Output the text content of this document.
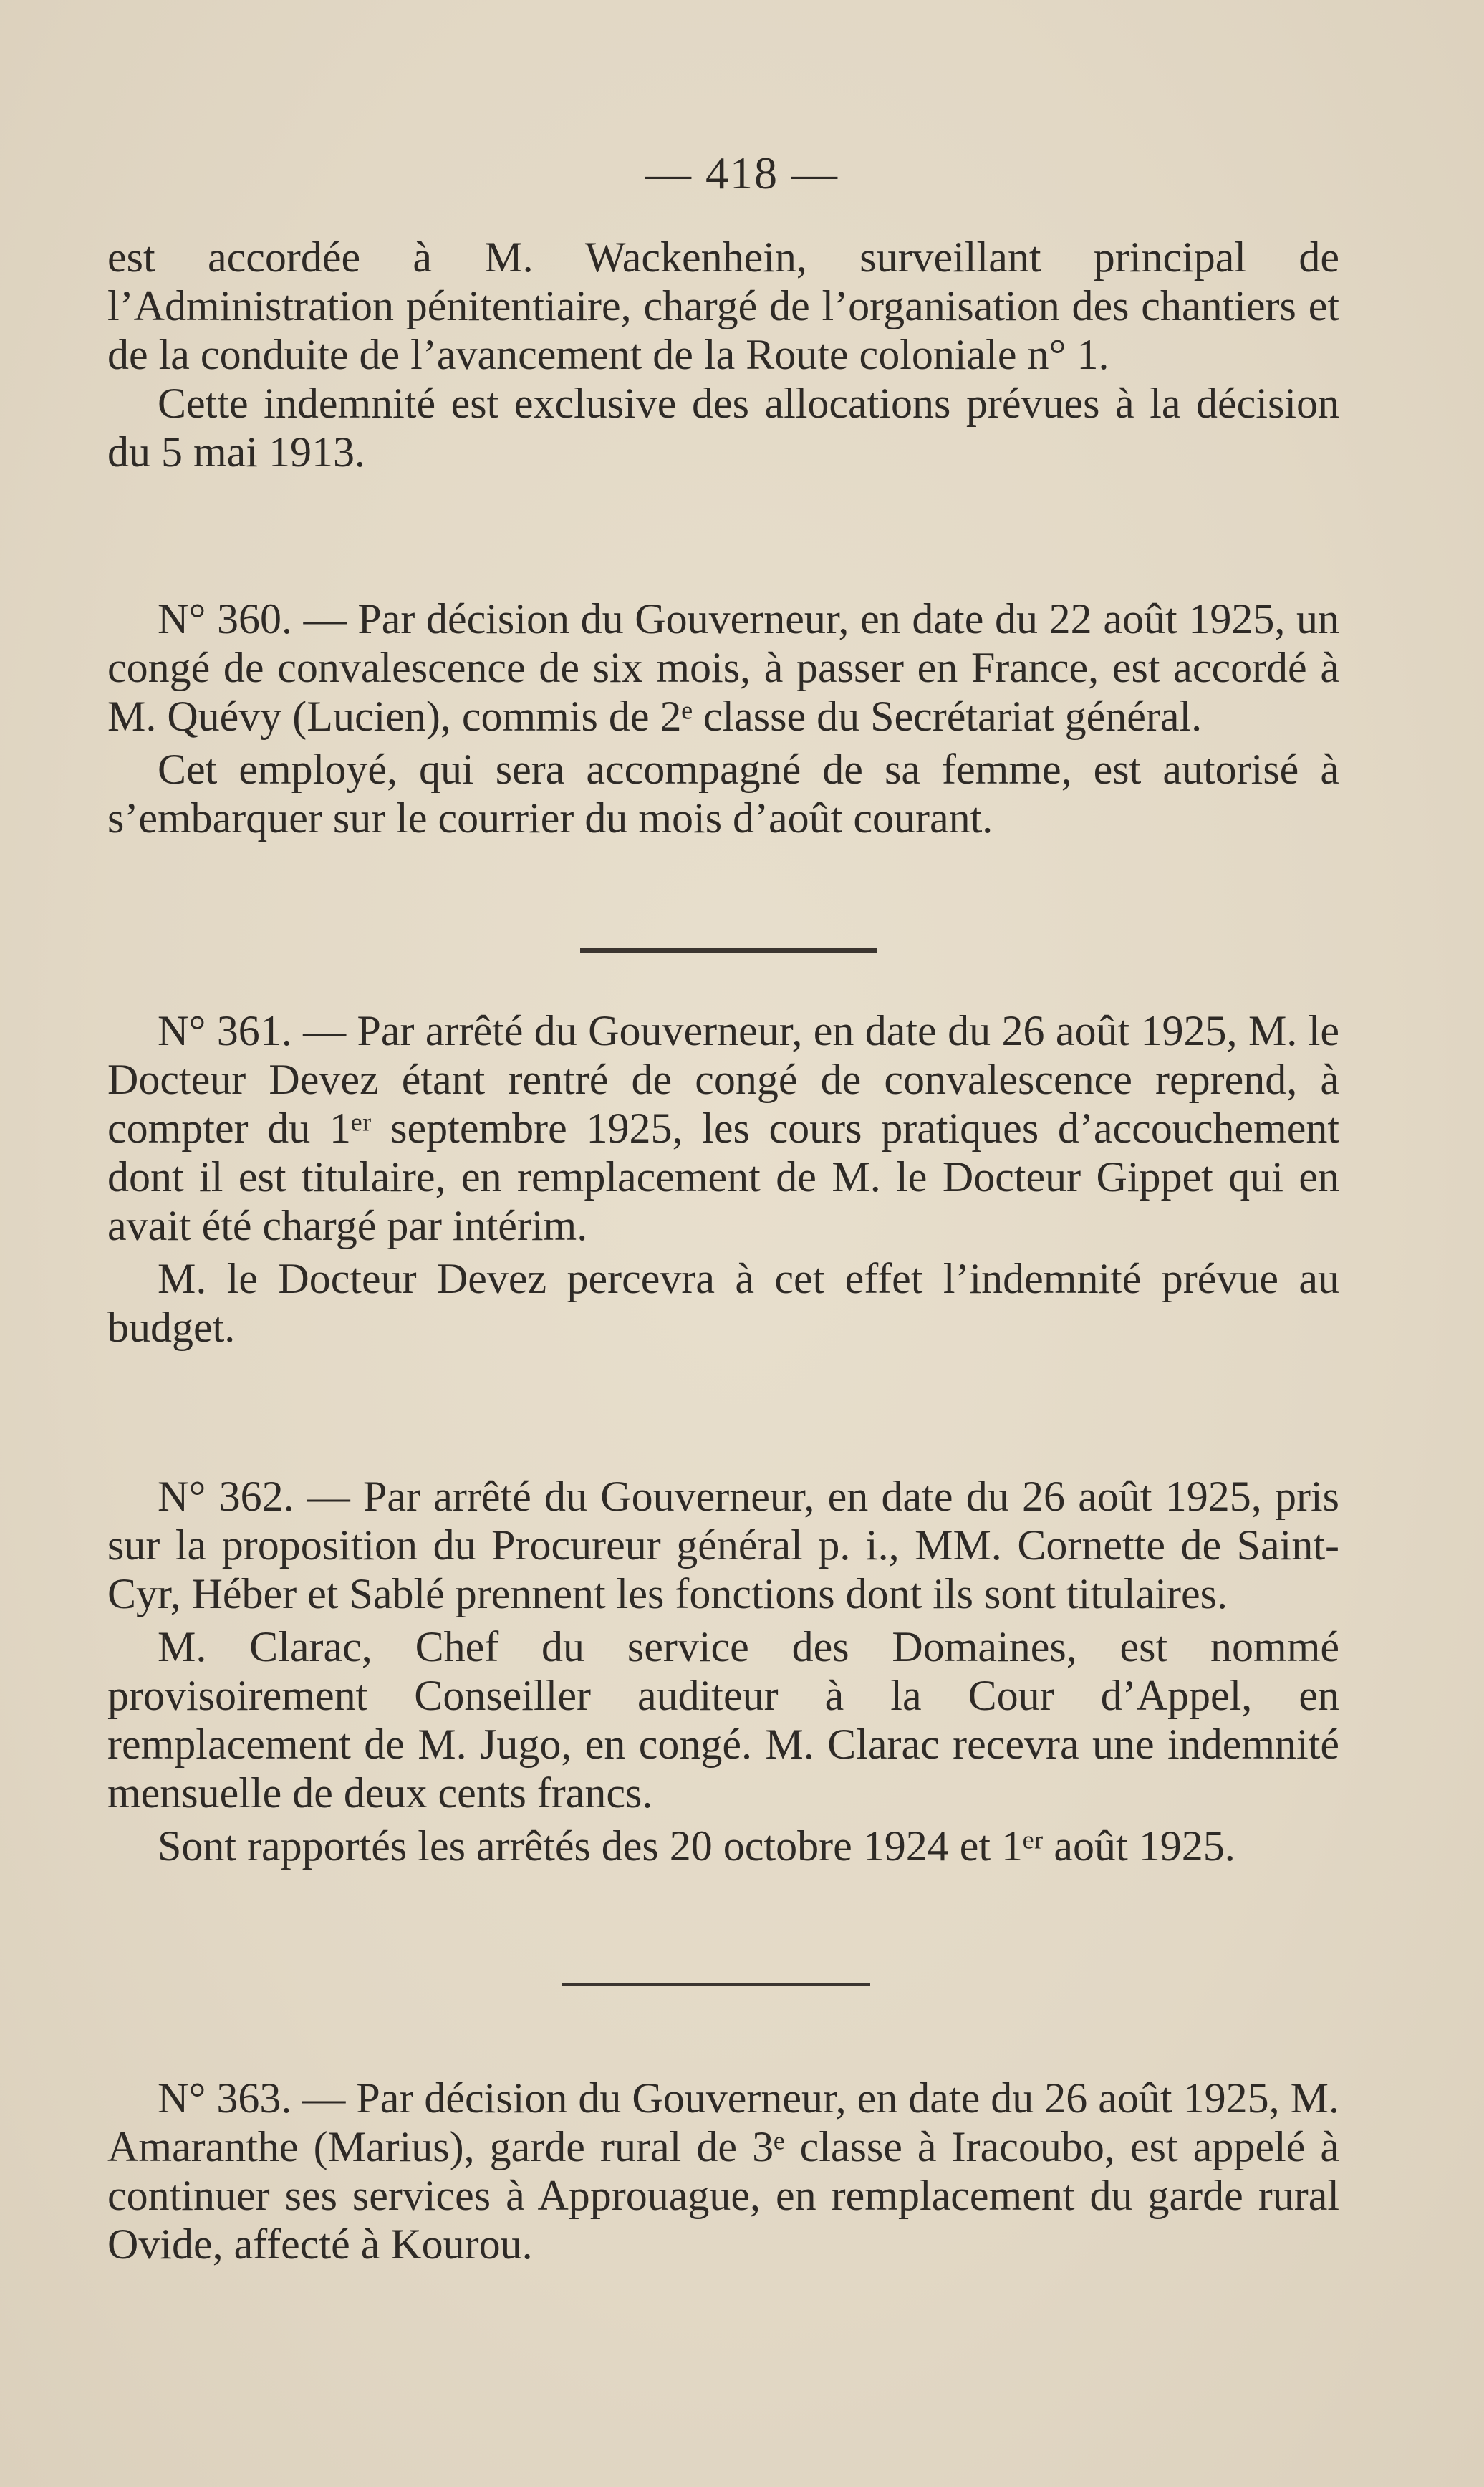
— 418 —

est accordée à M. Wackenhein, surveillant principal de l’Administration pénitentiaire, chargé de l’organisation des chantiers et de la conduite de l’avancement de la Route coloniale n° 1.

Cette indemnité est exclusive des allocations prévues à la décision du 5 mai 1913.

N° 360. — Par décision du Gouverneur, en date du 22 août 1925, un congé de convalescence de six mois, à passer en France, est accordé à M. Quévy (Lucien), commis de 2ᵉ classe du Secrétariat général.

Cet employé, qui sera accompagné de sa femme, est autorisé à s’embarquer sur le courrier du mois d’août courant.

N° 361. — Par arrêté du Gouverneur, en date du 26 août 1925, M. le Docteur Devez étant rentré de congé de convalescence reprend, à compter du 1ᵉʳ septembre 1925, les cours pratiques d’accouchement dont il est titulaire, en remplacement de M. le Docteur Gippet qui en avait été chargé par intérim.

M. le Docteur Devez percevra à cet effet l’indemnité prévue au budget.

N° 362. — Par arrêté du Gouverneur, en date du 26 août 1925, pris sur la proposition du Procureur général p. i., MM. Cornette de Saint-Cyr, Héber et Sablé prennent les fonctions dont ils sont titulaires.

M. Clarac, Chef du service des Domaines, est nommé provisoirement Conseiller auditeur à la Cour d’Appel, en remplacement de M. Jugo, en congé. M. Clarac recevra une indemnité mensuelle de deux cents francs.

Sont rapportés les arrêtés des 20 octobre 1924 et 1ᵉʳ août 1925.

N° 363. — Par décision du Gouverneur, en date du 26 août 1925, M. Amaranthe (Marius), garde rural de 3ᵉ classe à Iracoubo, est appelé à continuer ses services à Approuague, en remplacement du garde rural Ovide, affecté à Kourou.
